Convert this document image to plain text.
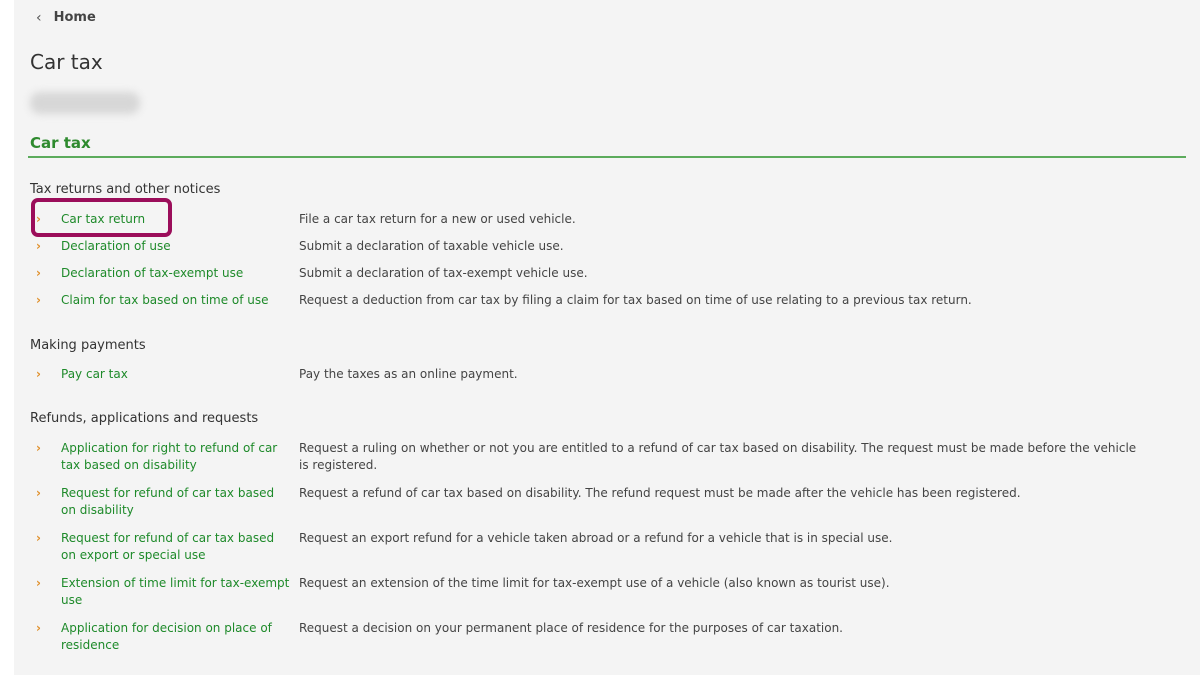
‹ Home
Car tax
Car tax
Tax returns and other notices
› Car tax return	File a car tax return for a new or used vehicle.
› Declaration of use	Submit a declaration of taxable vehicle use.
› Declaration of tax-exempt use	Submit a declaration of tax-exempt vehicle use.
› Claim for tax based on time of use	Request a deduction from car tax by filing a claim for tax based on time of use relating to a previous tax return.
Making payments
› Pay car tax	Pay the taxes as an online payment.
Refunds, applications and requests
› Application for right to refund of car tax based on disability
Request a ruling on whether or not you are entitled to a refund of car tax based on disability. The request must be made before the vehicle is registered.
› Request for refund of car tax based on disability
Request a refund of car tax based on disability. The refund request must be made after the vehicle has been registered.
› Request for refund of car tax based on export or special use
Request an export refund for a vehicle taken abroad or a refund for a vehicle that is in special use.
› Extension of time limit for tax-exempt use
Request an extension of the time limit for tax-exempt use of a vehicle (also known as tourist use).
› Application for decision on place of residence
Request a decision on your permanent place of residence for the purposes of car taxation.
